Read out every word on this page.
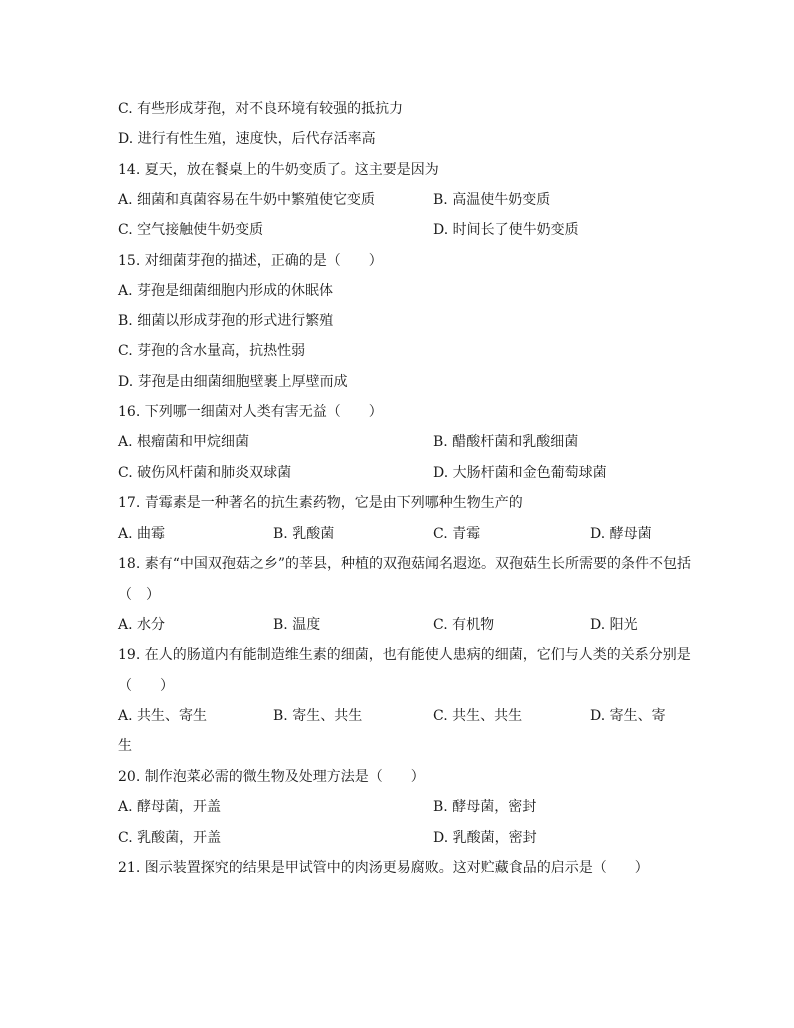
C. 有些形成芽孢，对不良环境有较强的抵抗力
D. 进行有性生殖，速度快，后代存活率高
14. 夏天，放在餐桌上的牛奶变质了。这主要是因为
A. 细菌和真菌容易在牛奶中繁殖使它变质	B. 高温使牛奶变质
C. 空气接触使牛奶变质	D. 时间长了使牛奶变质
15. 对细菌芽孢的描述，正确的是（　　）
A. 芽孢是细菌细胞内形成的休眠体
B. 细菌以形成芽孢的形式进行繁殖
C. 芽孢的含水量高，抗热性弱
D. 芽孢是由细菌细胞壁裹上厚壁而成
16. 下列哪一细菌对人类有害无益（　　）
A. 根瘤菌和甲烷细菌	B. 醋酸杆菌和乳酸细菌
C. 破伤风杆菌和肺炎双球菌	D. 大肠杆菌和金色葡萄球菌
17. 青霉素是一种著名的抗生素药物，它是由下列哪种生物生产的
A. 曲霉	B. 乳酸菌	C. 青霉	D. 酵母菌
18. 素有“中国双孢菇之乡”的莘县，种植的双孢菇闻名遐迩。双孢菇生长所需要的条件不包括
（　）
A. 水分	B. 温度	C. 有机物	D. 阳光
19. 在人的肠道内有能制造维生素的细菌，也有能使人患病的细菌，它们与人类的关系分别是
（　　）
A. 共生、寄生	B. 寄生、共生	C. 共生、共生	D. 寄生、寄
生
20. 制作泡菜必需的微生物及处理方法是（　　）
A. 酵母菌，开盖	B. 酵母菌，密封
C. 乳酸菌，开盖	D. 乳酸菌，密封
21. 图示装置探究的结果是甲试管中的肉汤更易腐败。这对贮藏食品的启示是（　　）
